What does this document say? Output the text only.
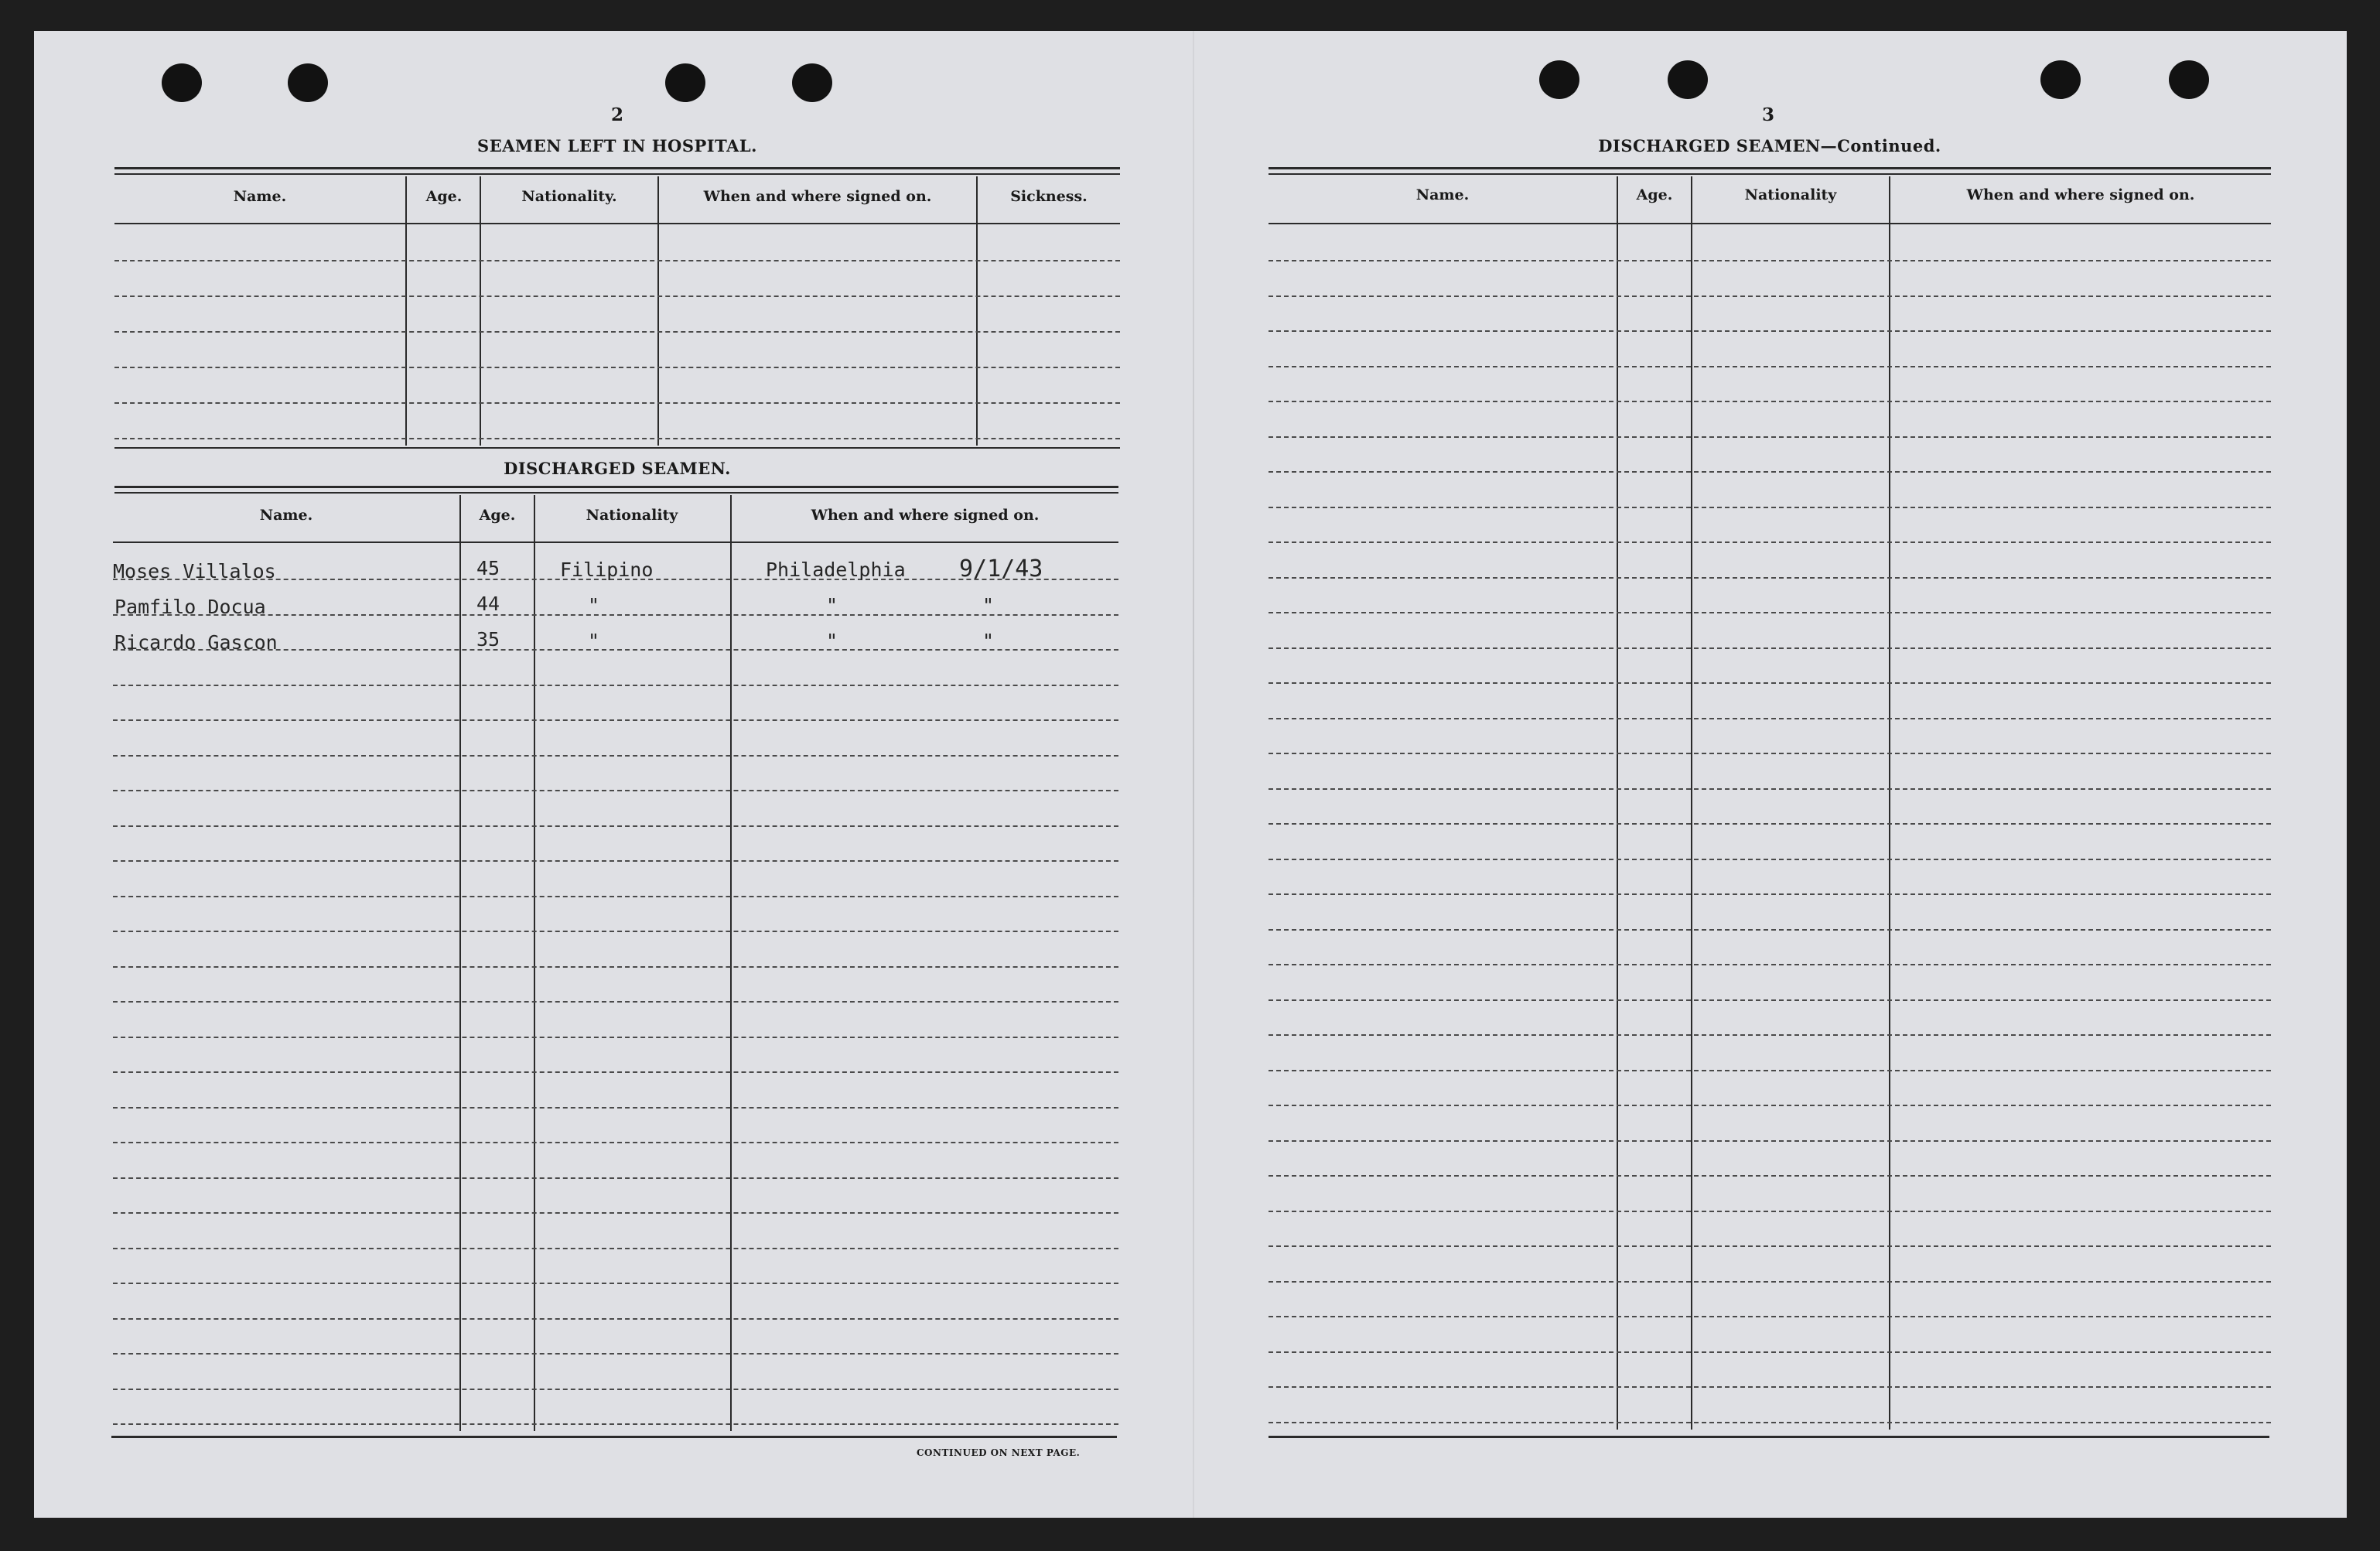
2
SEAMEN LEFT IN HOSPITAL.
Name.	Age.	Nationality.	When and where signed on.	Sickness.
DISCHARGED SEAMEN.
Name.	Age.	Nationality	When and where signed on.
Moses Villalos	45	Filipino	Philadelphia 9/1/43
Pamfilo Docua	44	"	"	"
Ricardo Gascon	35	"	"	"
CONTINUED ON NEXT PAGE.
3
DISCHARGED SEAMEN—Continued.
Name.	Age.	Nationality	When and where signed on.
